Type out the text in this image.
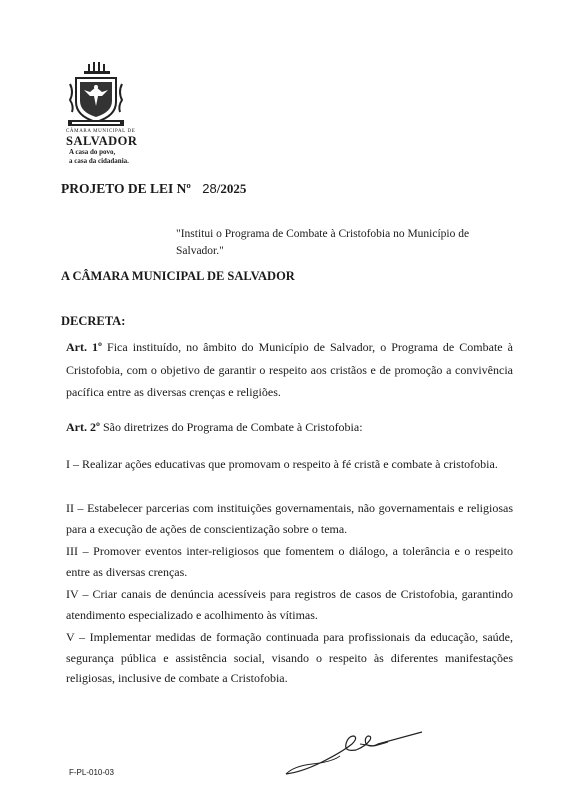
CÂMARA MUNICIPAL DE
SALVADOR
A casa do povo,
a casa da cidadania.
PROJETO DE LEI Nº 28/2025
"Institui o Programa de Combate à Cristofobia no Município de Salvador."
A CÂMARA MUNICIPAL DE SALVADOR
DECRETA:
Art. 1º Fica instituído, no âmbito do Município de Salvador, o Programa de Combate à Cristofobia, com o objetivo de garantir o respeito aos cristãos e de promoção a convivência pacífica entre as diversas crenças e religiões.
Art. 2º São diretrizes do Programa de Combate à Cristofobia:
I – Realizar ações educativas que promovam o respeito à fé cristã e combate à cristofobia.
II – Estabelecer parcerias com instituições governamentais, não governamentais e religiosas para a execução de ações de conscientização sobre o tema.
III – Promover eventos inter-religiosos que fomentem o diálogo, a tolerância e o respeito entre as diversas crenças.
IV – Criar canais de denúncia acessíveis para registros de casos de Cristofobia, garantindo atendimento especializado e acolhimento às vítimas.
V – Implementar medidas de formação continuada para profissionais da educação, saúde, segurança pública e assistência social, visando o respeito às diferentes manifestações religiosas, inclusive de combate a Cristofobia.
F-PL-010-03
